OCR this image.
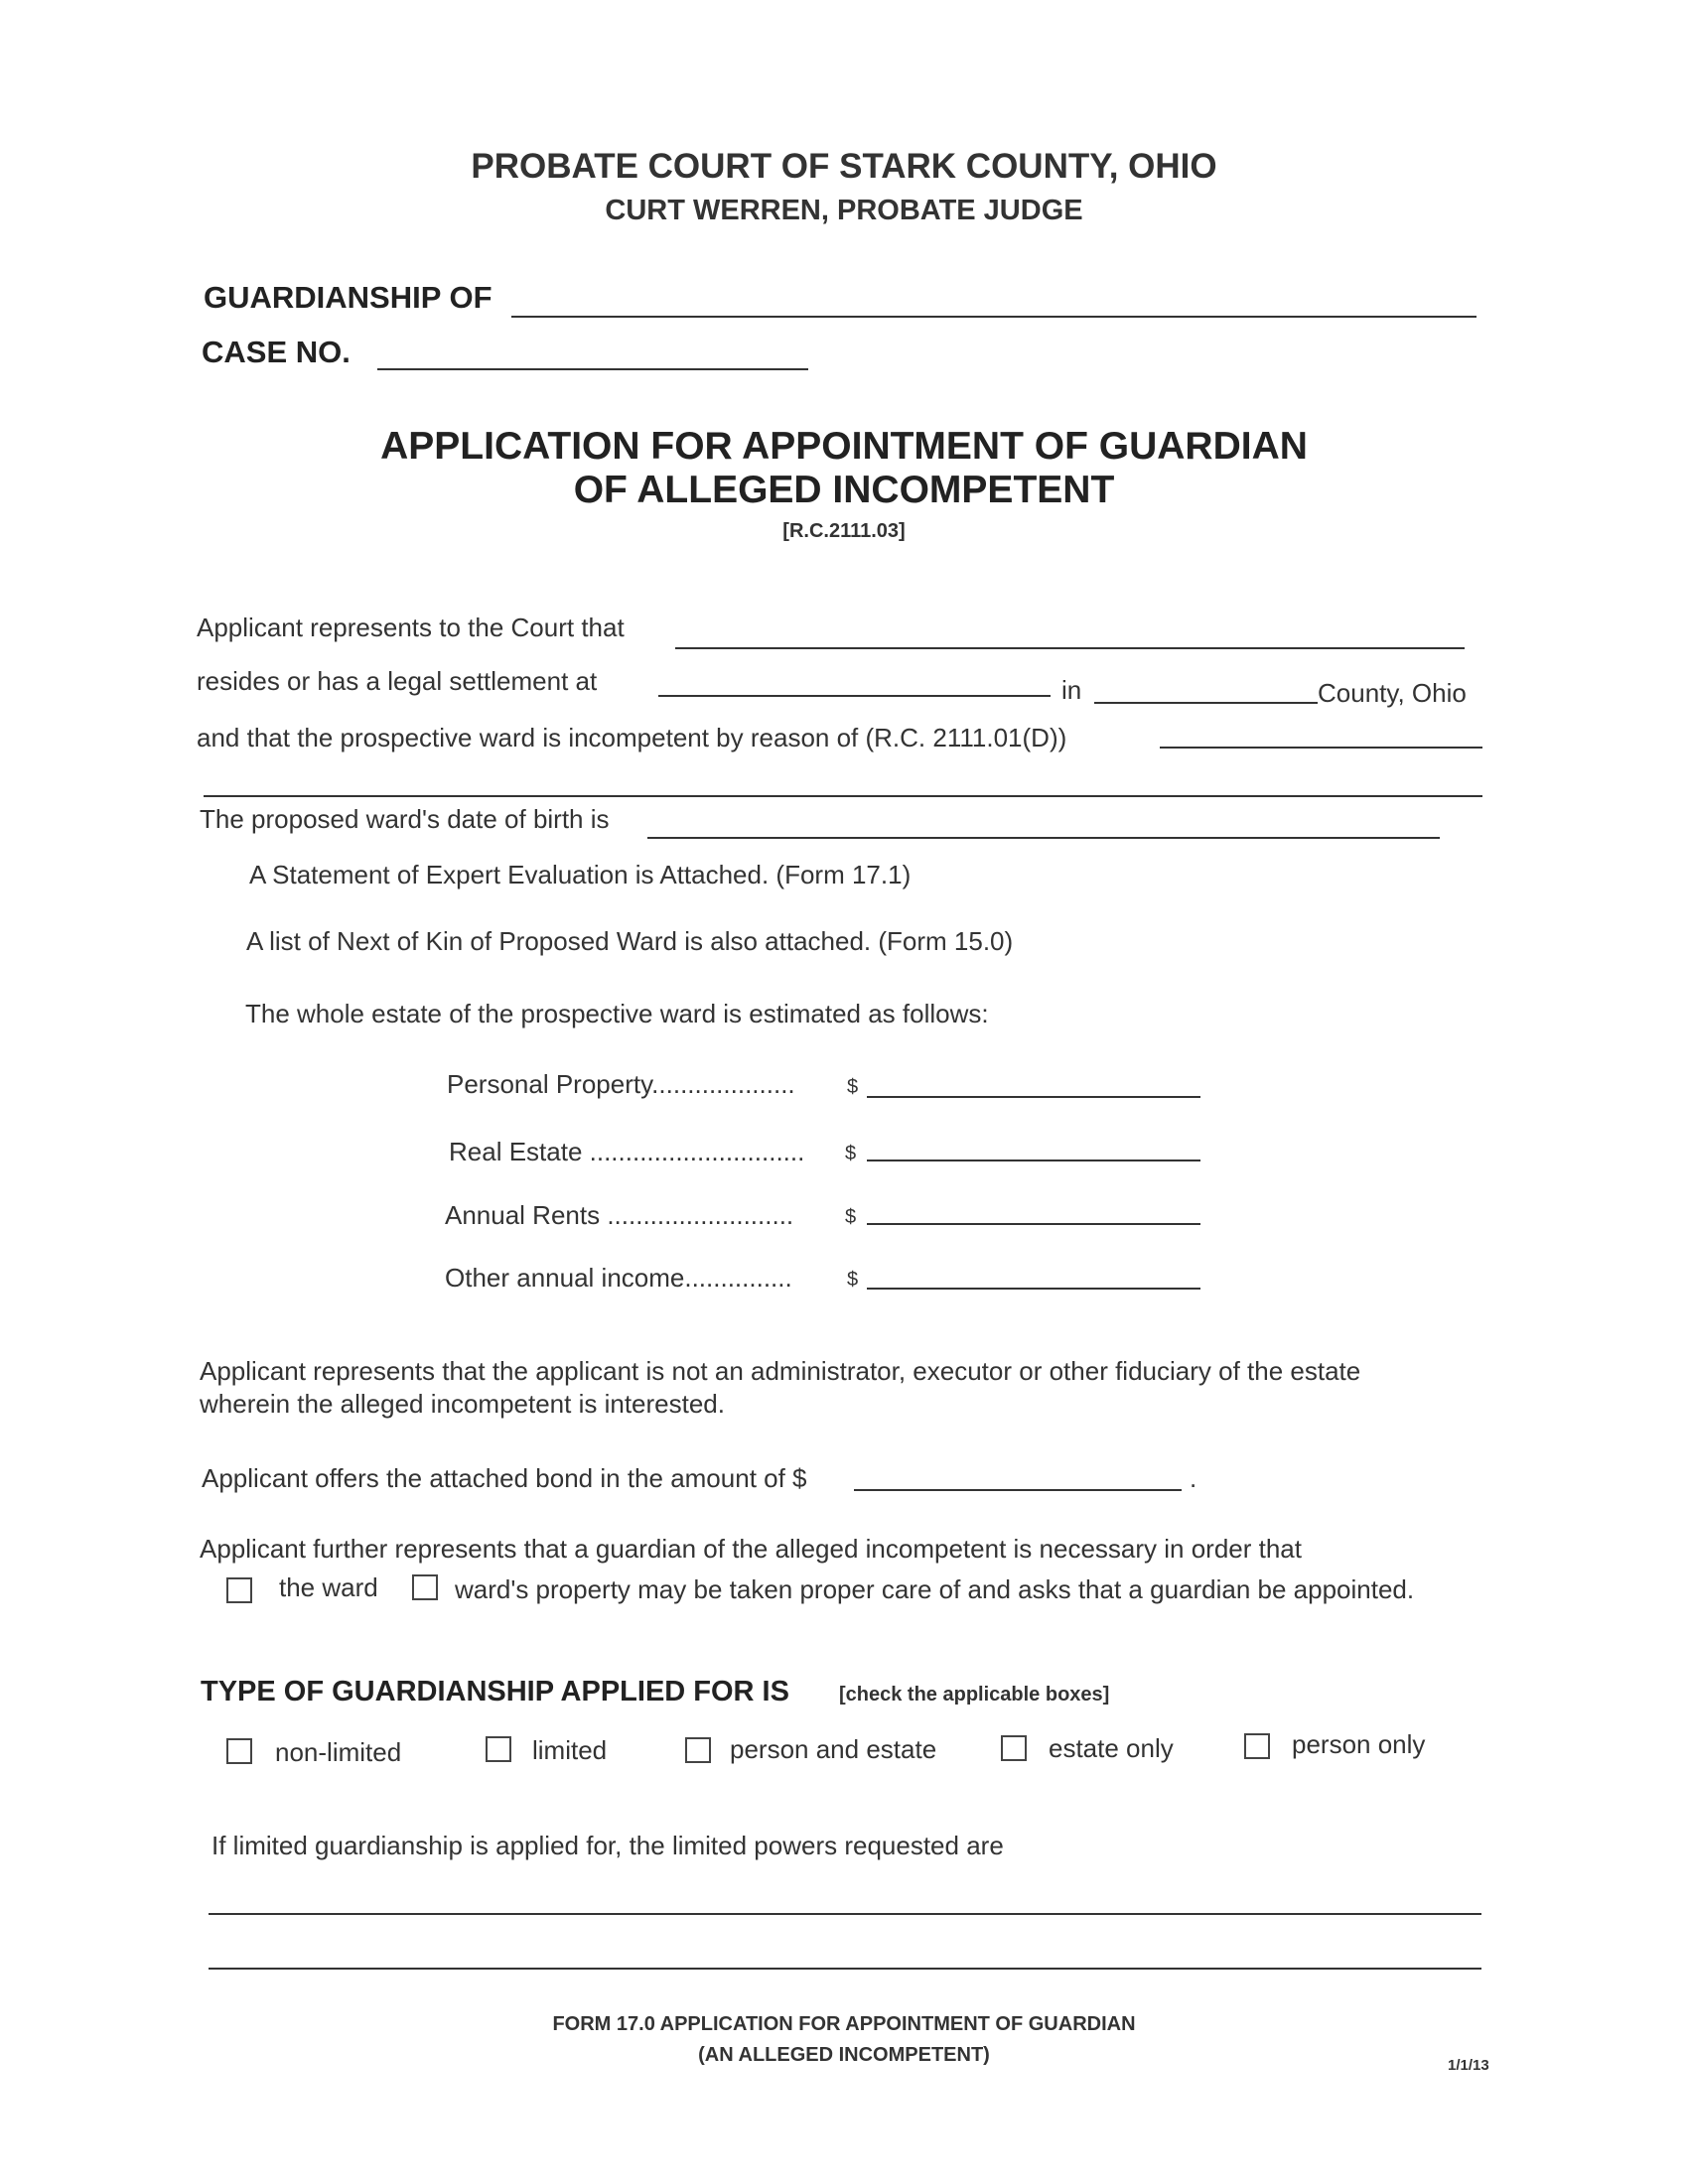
PROBATE COURT OF STARK COUNTY, OHIO
CURT WERREN, PROBATE JUDGE
GUARDIANSHIP OF
CASE NO.
APPLICATION FOR APPOINTMENT OF GUARDIAN
OF ALLEGED INCOMPETENT
[R.C.2111.03]
Applicant represents to the Court that
resides or has a legal settlement at	in	County, Ohio
and that the prospective ward is incompetent by reason of (R.C. 2111.01(D))
The proposed ward's date of birth is
A Statement of Expert Evaluation is Attached. (Form 17.1)
A list of Next of Kin of Proposed Ward is also attached. (Form 15.0)
The whole estate of the prospective ward is estimated as follows:
Personal Property....................	$
Real Estate .............................. $
Annual Rents ..........................	$
Other annual income...............	$
Applicant represents that the applicant is not an administrator, executor or other fiduciary of the estate
wherein the alleged incompetent is interested.
Applicant offers the attached bond in the amount of $	.
Applicant further represents that a guardian of the alleged incompetent is necessary in order that
the ward	ward's property may be taken proper care of and asks that a guardian be appointed.
TYPE OF GUARDIANSHIP APPLIED FOR IS	[check the applicable boxes]
non-limited	limited	person and estate	estate only	person only
If limited guardianship is applied for, the limited powers requested are
FORM 17.0 APPLICATION FOR APPOINTMENT OF GUARDIAN
(AN ALLEGED INCOMPETENT)	1/1/13
